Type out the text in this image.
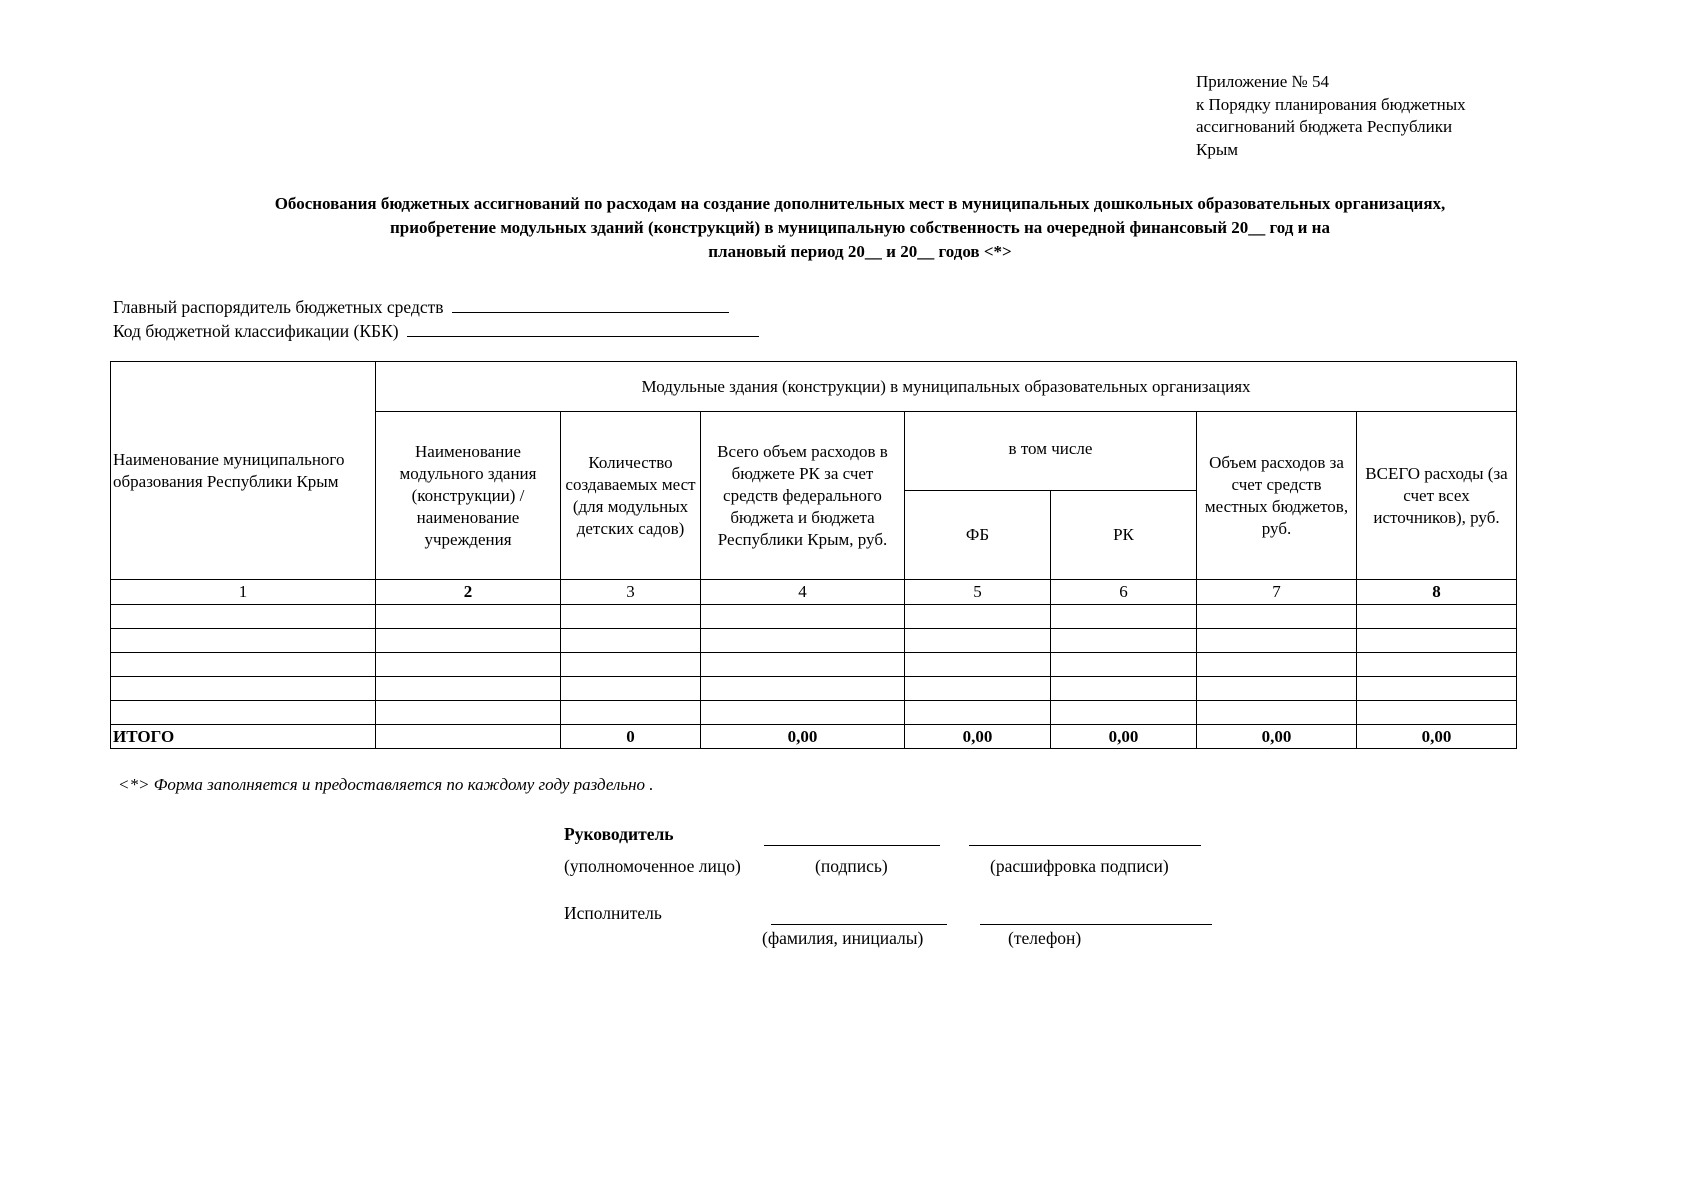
Приложение № 54
к Порядку планирования бюджетных
ассигнований бюджета Республики
Крым
Обоснования бюджетных ассигнований по расходам на создание дополнительных мест в муниципальных дошкольных образовательных организациях,
приобретение модульных зданий (конструкций) в муниципальную собственность на очередной финансовый 20__ год и на
плановый период 20__ и 20__ годов <*>
Главный распорядитель бюджетных средств
Код бюджетной классификации (КБК)
Наименование муниципального образования Республики Крым	Модульные здания (конструкции) в муниципальных образовательных организациях						
	Наименование модульного здания (конструкции) / наименование учреждения	Количество создаваемых мест (для модульных детских садов)	Всего объем расходов в бюджете РК за счет средств федерального бюджета и бюджета Республики Крым, руб.	в том числе		Объем расходов за счет средств местных бюджетов, руб.	ВСЕГО расходы (за счет всех источников), руб.
				ФБ	РК		
1	2	3	4	5	6	7	8

ИТОГО		0	0,00	0,00	0,00	0,00	0,00
<*> Форма заполняется и предоставляется по каждому году раздельно .
Руководитель
(уполномоченное лицо)	(подпись)	(расшифровка подписи)
Исполнитель
(фамилия, инициалы)	(телефон)
